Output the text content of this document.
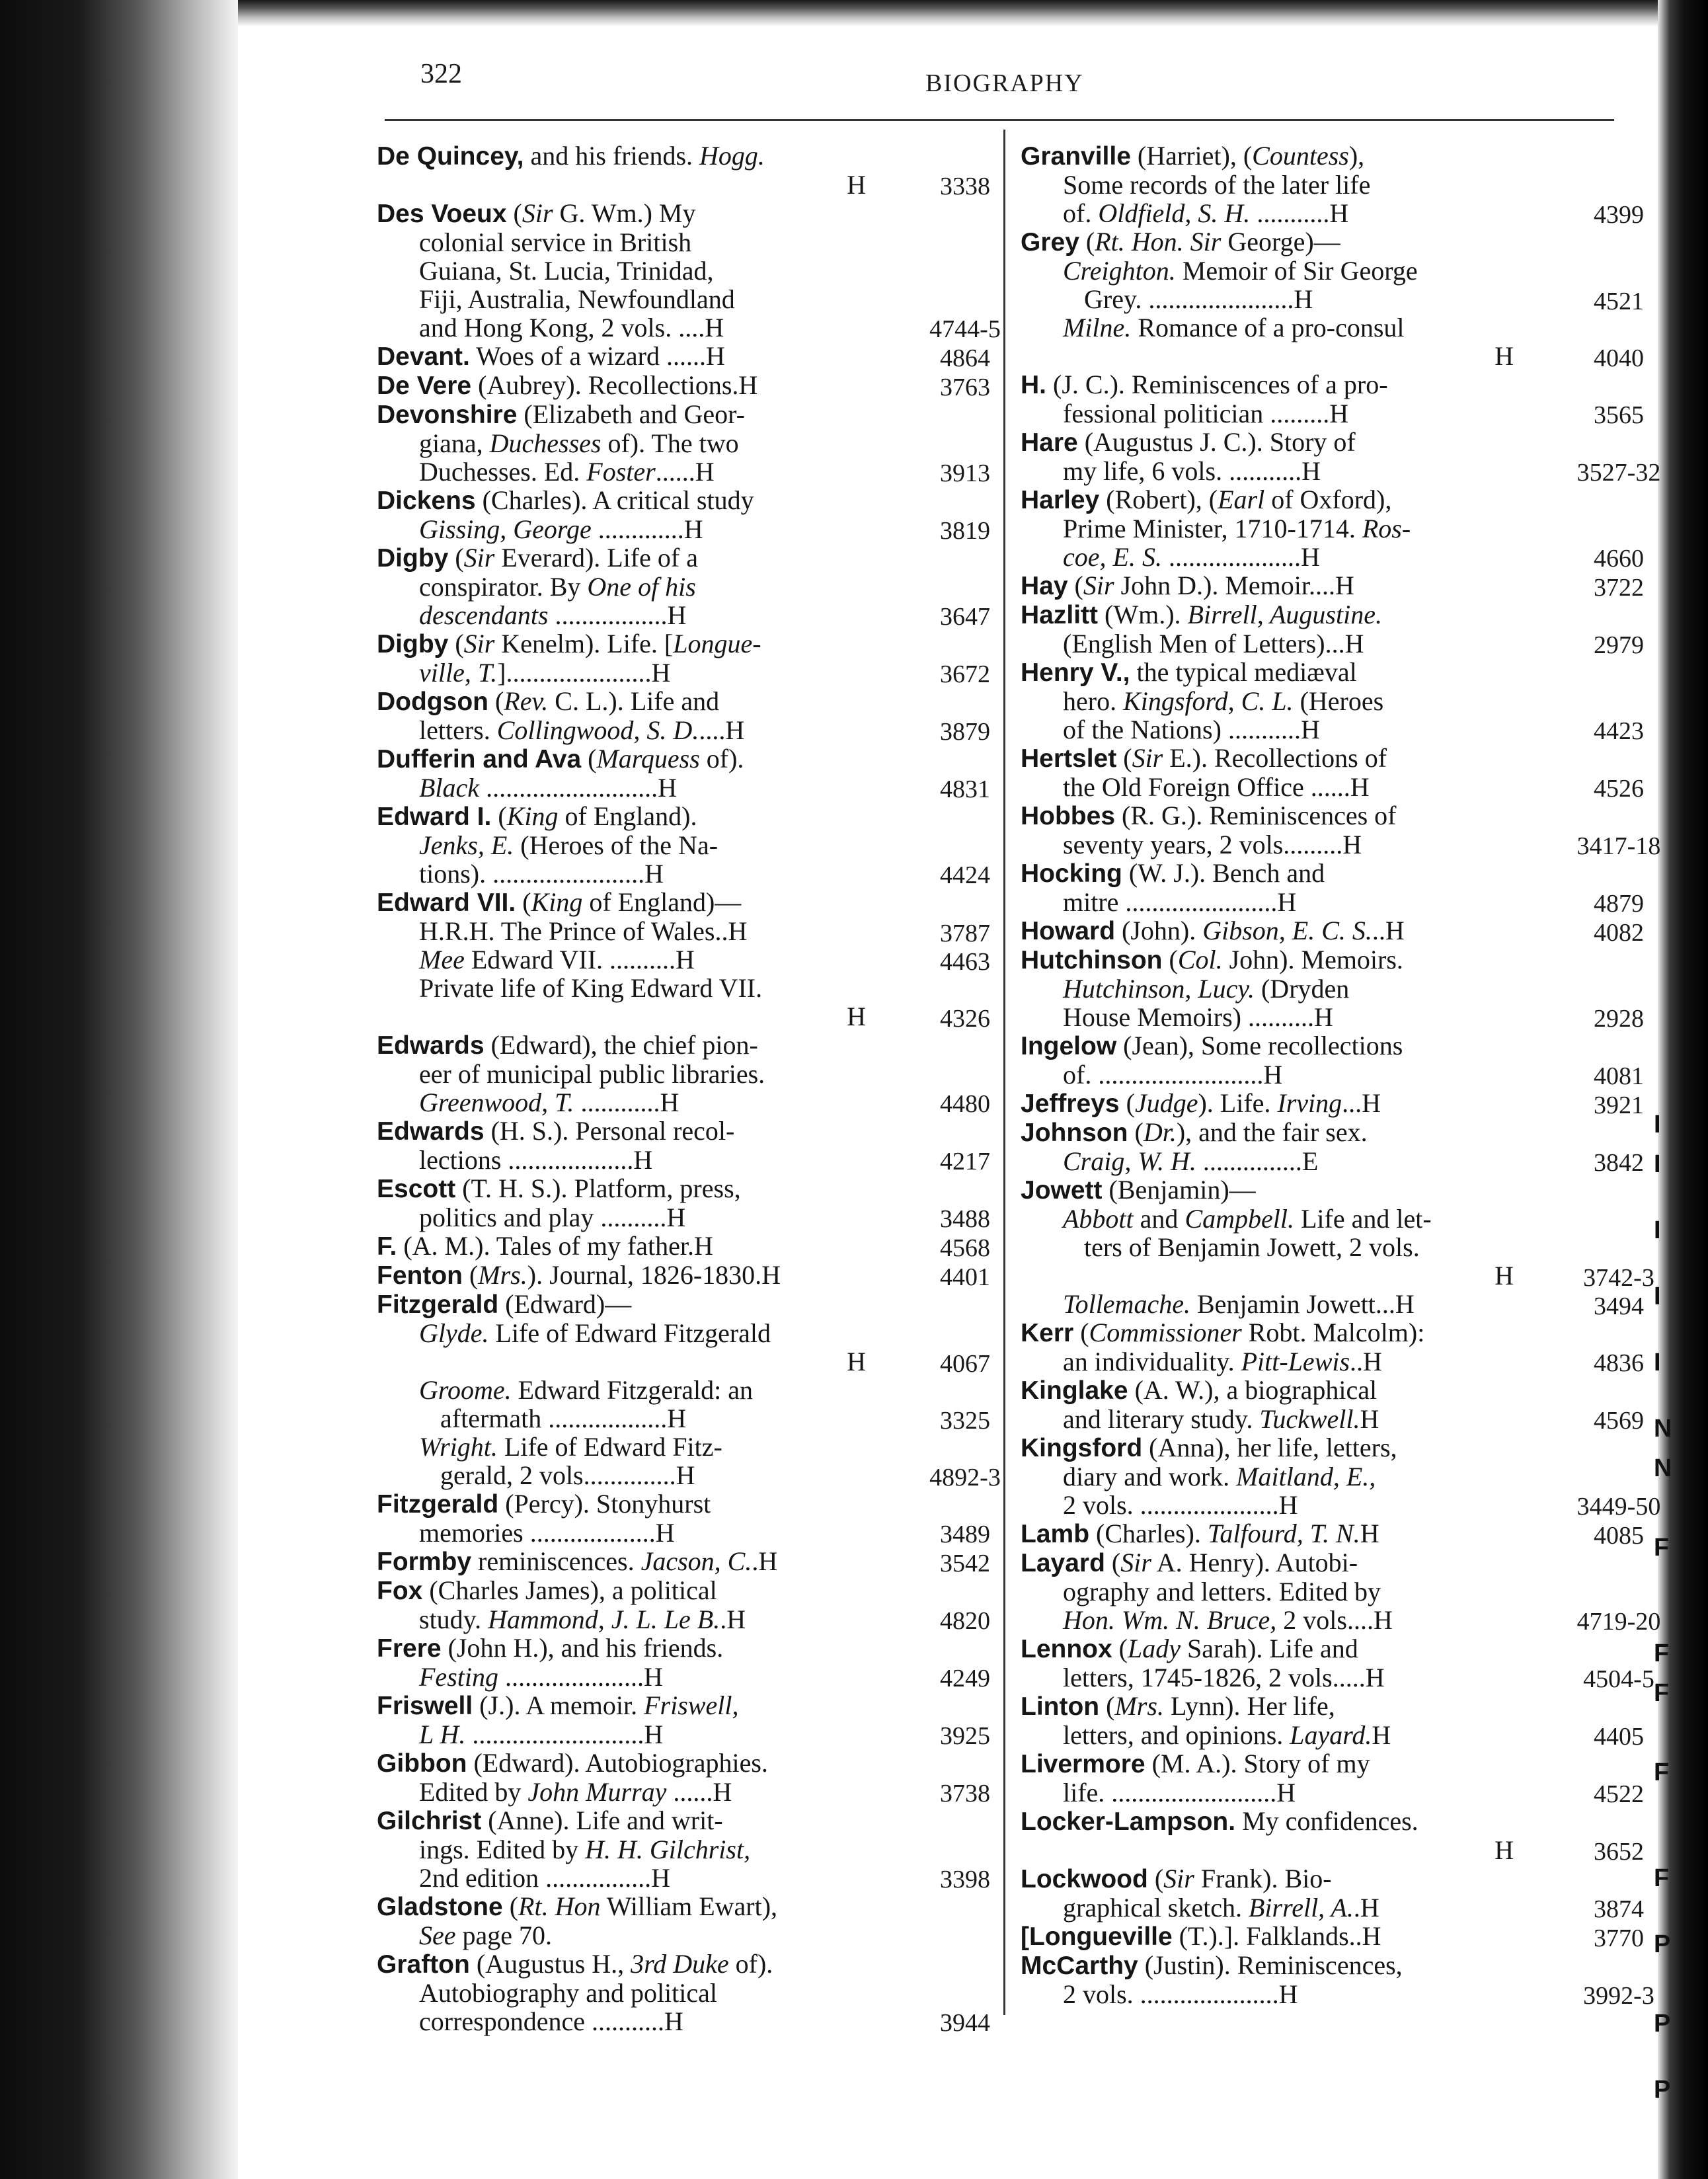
I
I
I
I
I
N
N
F
F
F
F
F
P
P
P
322	BIOGRAPHY
De Quincey, and his friends. Hogg.
H	3338
Des Voeux (Sir G. Wm.) My
colonial service in British
Guiana, St. Lucia, Trinidad,
Fiji, Australia, Newfoundland
and Hong Kong, 2 vols. ....H	4744-5
Devant. Woes of a wizard ......H	4864
De Vere (Aubrey). Recollections.H	3763
Devonshire (Elizabeth and Geor-
giana, Duchesses of). The two
Duchesses. Ed. Foster......H	3913
Dickens (Charles). A critical study
Gissing, George .............H	3819
Digby (Sir Everard). Life of a
conspirator. By One of his
descendants .................H	3647
Digby (Sir Kenelm). Life. [Longue-
ville, T.]......................H	3672
Dodgson (Rev. C. L.). Life and
letters. Collingwood, S. D.....H	3879
Dufferin and Ava (Marquess of).
Black ..........................H	4831
Edward I. (King of England).
Jenks, E. (Heroes of the Na-
tions). .......................H	4424
Edward VII. (King of England)—
H.R.H. The Prince of Wales..H	3787
Mee Edward VII. ..........H	4463
Private life of King Edward VII.
H	4326
Edwards (Edward), the chief pion-
eer of municipal public libraries.
Greenwood, T. ............H	4480
Edwards (H. S.). Personal recol-
lections ...................H	4217
Escott (T. H. S.). Platform, press,
politics and play ..........H	3488
F. (A. M.). Tales of my father.H	4568
Fenton (Mrs.). Journal, 1826-1830.H	4401
Fitzgerald (Edward)—
Glyde. Life of Edward Fitzgerald
H	4067
Groome. Edward Fitzgerald: an
aftermath ..................H	3325
Wright. Life of Edward Fitz-
gerald, 2 vols..............H	4892-3
Fitzgerald (Percy). Stonyhurst
memories ...................H	3489
Formby reminiscences. Jacson, C..H	3542
Fox (Charles James), a political
study. Hammond, J. L. Le B..H	4820
Frere (John H.), and his friends.
Festing .....................H	4249
Friswell (J.). A memoir. Friswell,
L H. ..........................H	3925
Gibbon (Edward). Autobiographies.
Edited by John Murray ......H	3738
Gilchrist (Anne). Life and writ-
ings. Edited by H. H. Gilchrist,
2nd edition ................H	3398
Gladstone (Rt. Hon William Ewart),
See page 70.
Grafton (Augustus H., 3rd Duke of).
Autobiography and political
correspondence ...........H	3944
Granville (Harriet), (Countess),
Some records of the later life
of. Oldfield, S. H. ...........H	4399
Grey (Rt. Hon. Sir George)—
Creighton. Memoir of Sir George
Grey. ......................H	4521
Milne. Romance of a pro-consul
H	4040
H. (J. C.). Reminiscences of a pro-
fessional politician .........H	3565
Hare (Augustus J. C.). Story of
my life, 6 vols. ...........H	3527-32
Harley (Robert), (Earl of Oxford),
Prime Minister, 1710-1714. Ros-
coe, E. S. ....................H	4660
Hay (Sir John D.). Memoir....H	3722
Hazlitt (Wm.). Birrell, Augustine.
(English Men of Letters)...H	2979
Henry V., the typical mediæval
hero. Kingsford, C. L. (Heroes
of the Nations) ...........H	4423
Hertslet (Sir E.). Recollections of
the Old Foreign Office ......H	4526
Hobbes (R. G.). Reminiscences of
seventy years, 2 vols.........H	3417-18
Hocking (W. J.). Bench and
mitre .......................H	4879
Howard (John). Gibson, E. C. S...H	4082
Hutchinson (Col. John). Memoirs.
Hutchinson, Lucy. (Dryden
House Memoirs) ..........H	2928
Ingelow (Jean), Some recollections
of. .........................H	4081
Jeffreys (Judge). Life. Irving...H	3921
Johnson (Dr.), and the fair sex.
Craig, W. H. ...............E	3842
Jowett (Benjamin)—
Abbott and Campbell. Life and let-
ters of Benjamin Jowett, 2 vols.
H	3742-3
Tollemache. Benjamin Jowett...H	3494
Kerr (Commissioner Robt. Malcolm):
an individuality. Pitt-Lewis..H	4836
Kinglake (A. W.), a biographical
and literary study. Tuckwell.H	4569
Kingsford (Anna), her life, letters,
diary and work. Maitland, E.,
2 vols. .....................H	3449-50
Lamb (Charles). Talfourd, T. N.H	4085
Layard (Sir A. Henry). Autobi-
ography and letters. Edited by
Hon. Wm. N. Bruce, 2 vols....H	4719-20
Lennox (Lady Sarah). Life and
letters, 1745-1826, 2 vols.....H	4504-5
Linton (Mrs. Lynn). Her life,
letters, and opinions. Layard.H	4405
Livermore (M. A.). Story of my
life. .........................H	4522
Locker-Lampson. My confidences.
H	3652
Lockwood (Sir Frank). Bio-
graphical sketch. Birrell, A..H	3874
[Longueville (T.).]. Falklands..H	3770
McCarthy (Justin). Reminiscences,
2 vols. .....................H	3992-3
